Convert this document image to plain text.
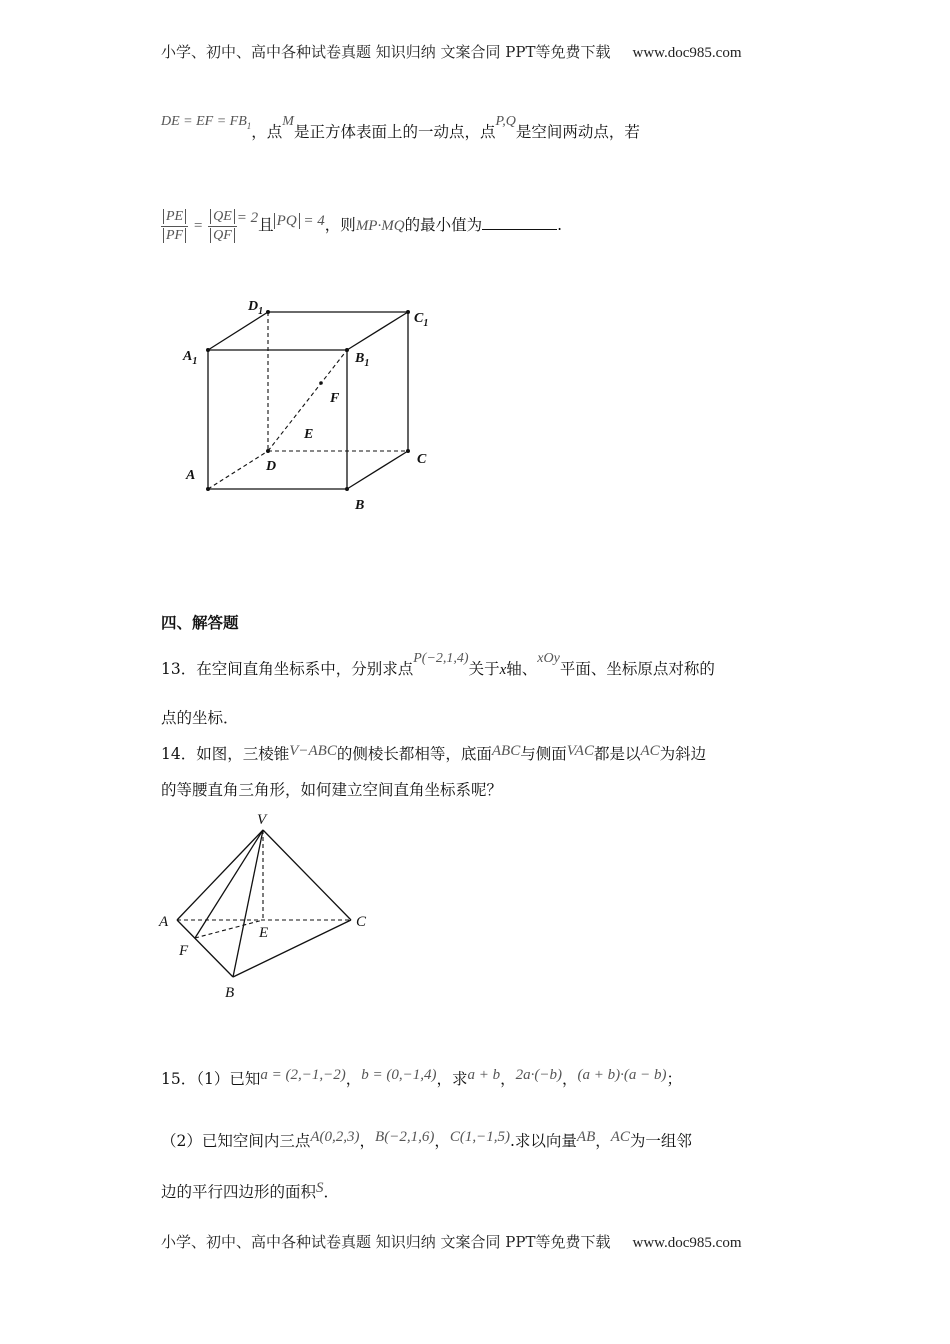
小学、初中、高中各种试卷真题 知识归纳 文案合同 PPT等免费下载 www.doc985.com
DE = EF = $FB_1$，点M是正方体表面上的一动点，点P,Q是空间两动点，若
$\frac{PE}{PF} = \frac{QE}{QF} = 2$且 PQ = 4，则MP·MQ的最小值为	.
$D_1$	$C_1$
$A_1$	$B_1$
F
E
A
D	C
B
四、解答题
13．在空间直角坐标系中，分别求点P(−2,1,4)关于x轴、xOy平面、坐标原点对称的
点的坐标．
14．如图，三棱锥V−ABC的侧棱长都相等，底面ABC与侧面VAC都是以AC为斜边
的等腰直角三角形，如何建立空间直角坐标系呢？
V
A	C
E
F
B
15．（1）已知a = (2,−1,−2)，b = (0,−1,4)，求a + b，2a·(−b)，(a + b)·(a − b)；
（2）已知空间内三点A(0,2,3)，B(−2,1,6)，C(1,−1,5).求以向量AB，AC为一组邻
边的平行四边形的面积S．
小学、初中、高中各种试卷真题 知识归纳 文案合同 PPT等免费下载 www.doc985.com
